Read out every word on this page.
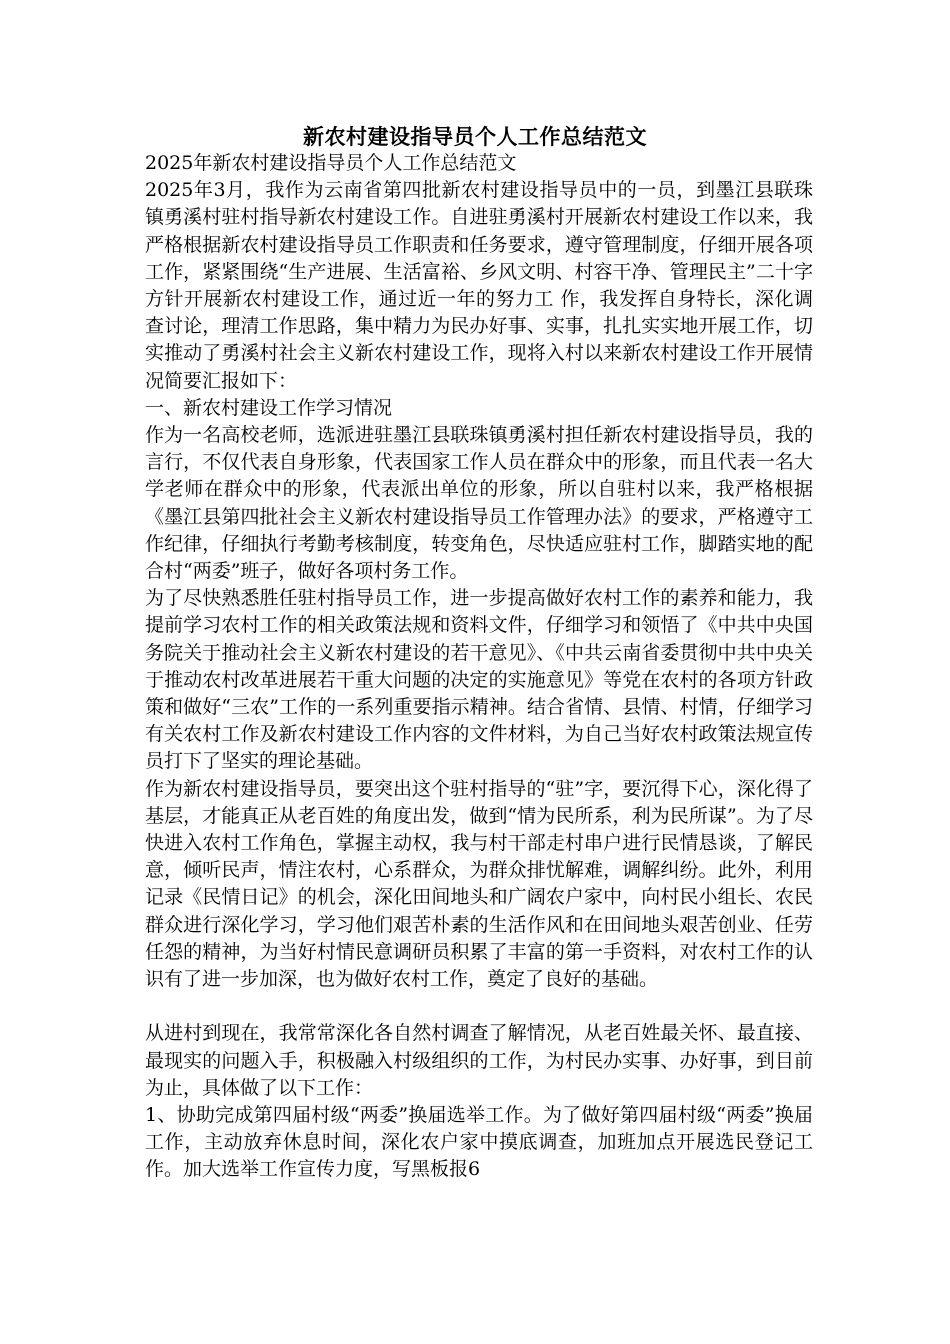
新农村建设指导员个人工作总结范文

2025年新农村建设指导员个人工作总结范文

2025年3月，我作为云南省第四批新农村建设指导员中的一员，到墨江县联珠镇勇溪村驻村指导新农村建设工作。自进驻勇溪村开展新农村建设工作以来，我严格根据新农村建设指导员工作职责和任务要求，遵守管理制度，仔细开展各项工作，紧紧围绕“生产进展、生活富裕、乡风文明、村容干净、管理民主”二十字方针开展新农村建设工作，通过近一年的努力工 作，我发挥自身特长，深化调查讨论，理清工作思路，集中精力为民办好事、实事，扎扎实实地开展工作，切实推动了勇溪村社会主义新农村建设工作，现将入村以来新农村建设工作开展情况简要汇报如下：

一、新农村建设工作学习情况

作为一名高校老师，选派进驻墨江县联珠镇勇溪村担任新农村建设指导员，我的言行，不仅代表自身形象，代表国家工作人员在群众中的形象，而且代表一名大学老师在群众中的形象，代表派出单位的形象，所以自驻村以来，我严格根据《墨江县第四批社会主义新农村建设指导员工作管理办法》的要求，严格遵守工作纪律，仔细执行考勤考核制度，转变角色，尽快适应驻村工作，脚踏实地的配合村“两委”班子，做好各项村务工作。

为了尽快熟悉胜任驻村指导员工作，进一步提高做好农村工作的素养和能力，我提前学习农村工作的相关政策法规和资料文件，仔细学习和领悟了《中共中央国务院关于推动社会主义新农村建设的若干意见》、《中共云南省委贯彻中共中央关于推动农村改革进展若干重大问题的决定的实施意见》等党在农村的各项方针政策和做好“三农”工作的一系列重要指示精神。结合省情、县情、村情，仔细学习有关农村工作及新农村建设工作内容的文件材料，为自己当好农村政策法规宣传员打下了坚实的理论基础。

作为新农村建设指导员，要突出这个驻村指导的“驻”字，要沉得下心，深化得了基层，才能真正从老百姓的角度出发，做到“情为民所系，利为民所谋”。为了尽快进入农村工作角色，掌握主动权，我与村干部走村串户进行民情恳谈，了解民意，倾听民声，情注农村，心系群众，为群众排忧解难，调解纠纷。此外，利用记录《民情日记》的机会，深化田间地头和广阔农户家中，向村民小组长、农民群众进行深化学习，学习他们艰苦朴素的生活作风和在田间地头艰苦创业、任劳任怨的精神，为当好村情民意调研员积累了丰富的第一手资料，对农村工作的认识有了进一步加深，也为做好农村工作，奠定了良好的基础。

从进村到现在，我常常深化各自然村调查了解情况，从老百姓最关怀、最直接、最现实的问题入手，积极融入村级组织的工作，为村民办实事、办好事，到目前为止，具体做了以下工作：

1、协助完成第四届村级“两委”换届选举工作。为了做好第四届村级“两委”换届工作，主动放弃休息时间，深化农户家中摸底调查，加班加点开展选民登记工作。加大选举工作宣传力度，写黑板报6
